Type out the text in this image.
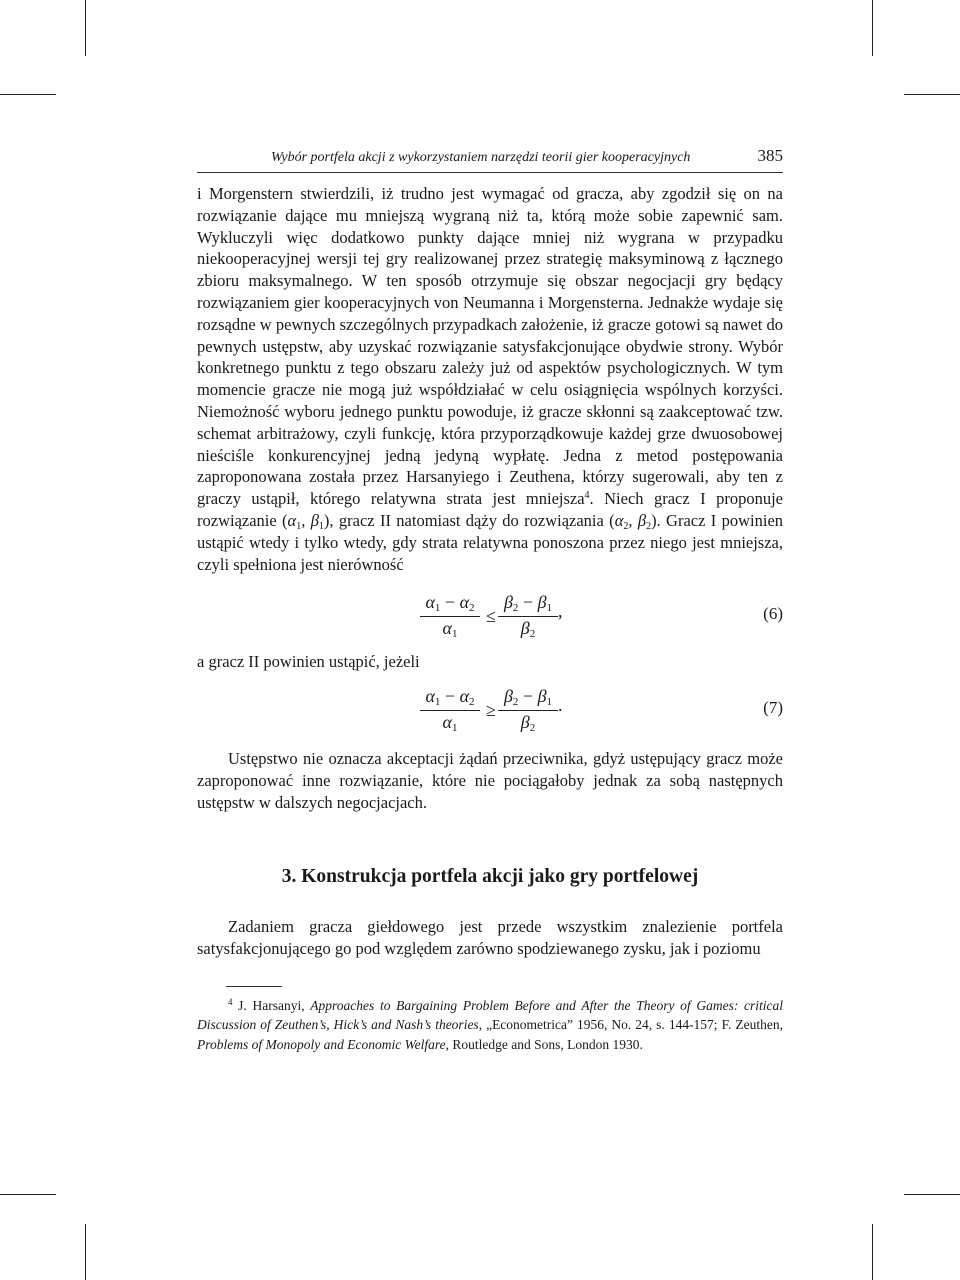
Wybór portfela akcji z wykorzystaniem narzędzi teorii gier kooperacyjnych	385

i Morgenstern stwierdzili, iż trudno jest wymagać od gracza, aby zgodził się on na rozwiązanie dające mu mniejszą wygraną niż ta, którą może sobie zapewnić sam. Wykluczyli więc dodatkowo punkty dające mniej niż wygrana w przypadku niekooperacyjnej wersji tej gry realizowanej przez strategię maksyminową z łącznego zbioru maksymalnego. W ten sposób otrzymuje się obszar negocjacji gry będący rozwiązaniem gier kooperacyjnych von Neumanna i Morgensterna. Jednakże wydaje się rozsądne w pewnych szczególnych przypadkach założenie, iż gracze gotowi są nawet do pewnych ustępstw, aby uzyskać rozwiązanie satysfakcjonujące obydwie strony. Wybór konkretnego punktu z tego obszaru zależy już od aspektów psychologicznych. W tym momencie gracze nie mogą już współdziałać w celu osiągnięcia wspólnych korzyści. Niemożność wyboru jednego punktu powoduje, iż gracze skłonni są zaakceptować tzw. schemat arbitrażowy, czyli funkcję, która przyporządkowuje każdej grze dwuosobowej nieściśle konkurencyjnej jedną jedyną wypłatę. Jedna z metod postępowania zaproponowana została przez Harsanyiego i Zeuthena, którzy sugerowali, aby ten z graczy ustąpił, którego relatywna strata jest mniejsza$^4$. Niech gracz I proponuje rozwiązanie ($\alpha_1$, $\beta_1$), gracz II natomiast dąży do rozwiązania ($\alpha_2$, $\beta_2$). Gracz I powinien ustąpić wtedy i tylko wtedy, gdy strata relatywna ponoszona przez niego jest mniejsza, czyli spełniona jest nierówność

$\alpha_1 - \alpha_2$
$\alpha_1$
≤
$\beta_2 - \beta_1$
$\beta_2$
,	(6)
a gracz II powinien ustąpić, jeżeli
$\alpha_1 - \alpha_2$
$\alpha_1$
≥
$\beta_2 - \beta_1$
$\beta_2$
.	(7)

Ustępstwo nie oznacza akceptacji żądań przeciwnika, gdyż ustępujący gracz może zaproponować inne rozwiązanie, które nie pociągałoby jednak za sobą następnych ustępstw w dalszych negocjacjach.

3. Konstrukcja portfela akcji jako gry portfelowej

Zadaniem gracza giełdowego jest przede wszystkim znalezienie portfela satysfakcjonującego go pod względem zarówno spodziewanego zysku, jak i poziomu

$^4$ J. Harsanyi, Approaches to Bargaining Problem Before and After the Theory of Games: critical Discussion of Zeuthen’s, Hick’s and Nash’s theories, „Econometrica” 1956, No. 24, s. 144-157; F. Zeuthen, Problems of Monopoly and Economic Welfare, Routledge and Sons, London 1930.
